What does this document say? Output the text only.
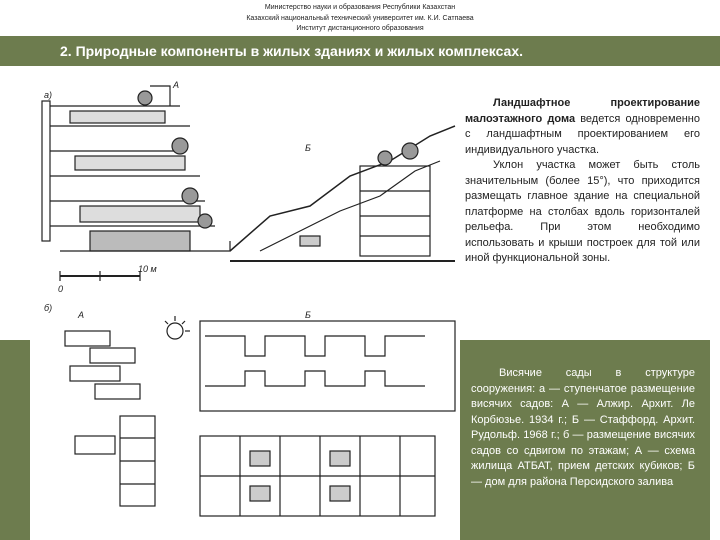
Министерство науки и образования Республики Казахстан
Казахский национальный технический университет им. К.И. Сатпаева
Институт дистанционного образования
2. Природные компоненты в жилых зданиях и жилых комплексах.
а)
А
Б
0
10 м
б)
А	Б

Ландшафтное проектирование малоэтажного дома ведется одновременно с ландшафтным проектированием его индивидуального участка.

Уклон участка может быть столь значительным (более 15°), что приходится размещать главное здание на специальной платформе на столбах вдоль горизонталей рельефа. При этом необходимо использовать и крыши построек для той или иной функциональной зоны.

Висячие сады в структуре сооружения: а — ступенчатое размещение висячих садов: А — Алжир. Архит. Ле Корбюзье. 1934 г.; Б — Стаффорд. Архит. Рудольф. 1968 г.; б — размещение висячих садов со сдвигом по этажам; А — схема жилища АТБАТ, прием детских кубиков; Б — дом для района Персидского залива
